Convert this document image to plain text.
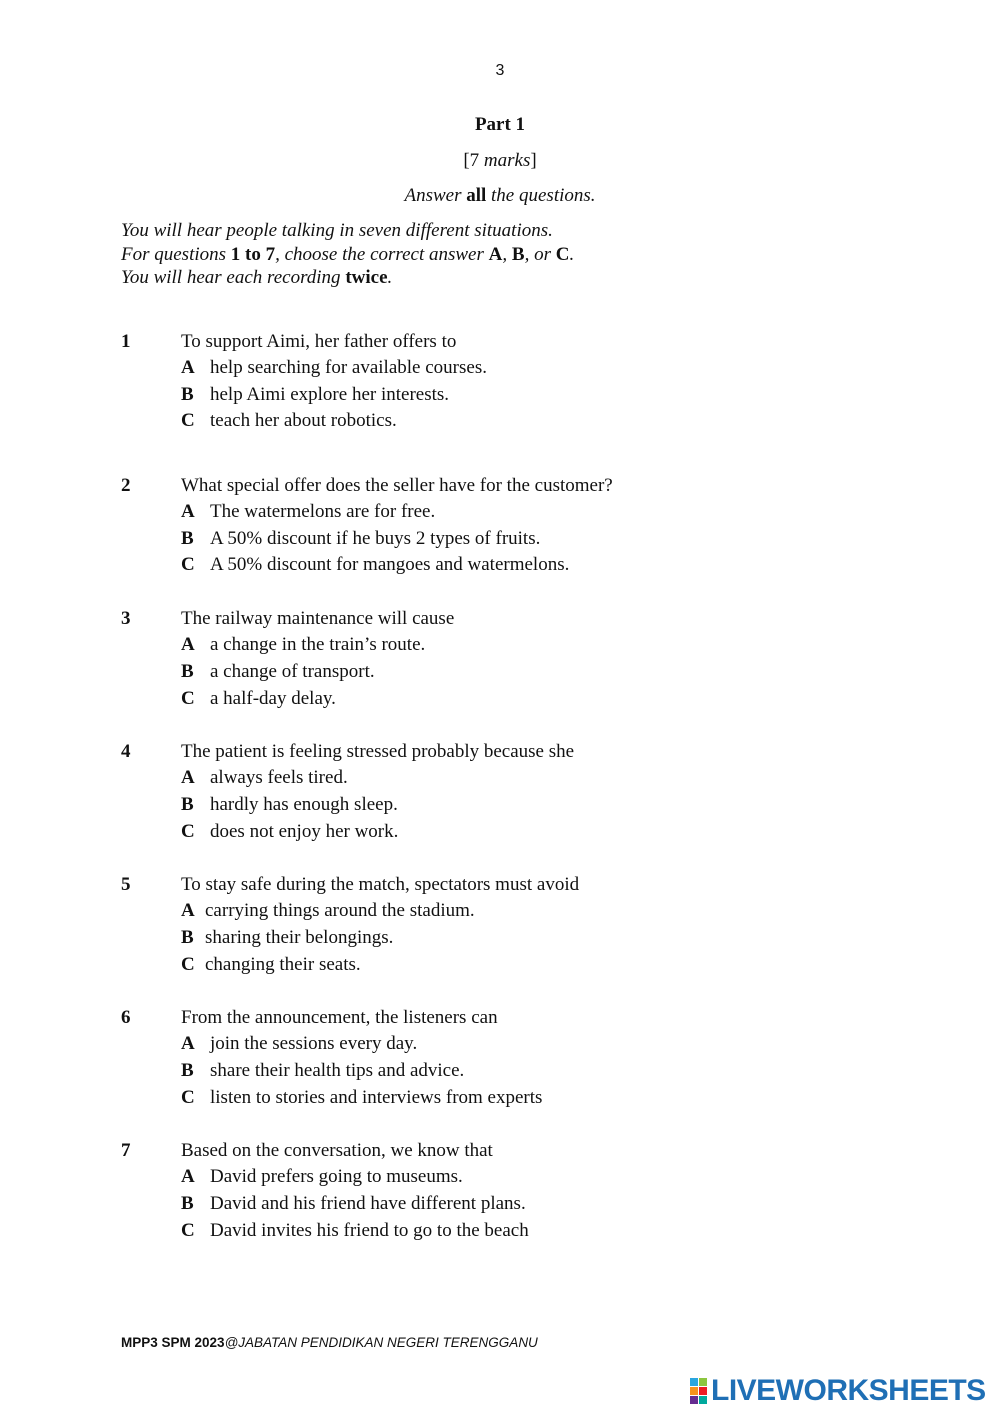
3
Part 1
[7 marks]
Answer all the questions.
You will hear people talking in seven different situations.
For questions 1 to 7, choose the correct answer A, B, or C.
You will hear each recording twice.
1	To support Aimi, her father offers to
A help searching for available courses.
B help Aimi explore her interests.
C teach her about robotics.
2	What special offer does the seller have for the customer?
A The watermelons are for free.
B A 50% discount if he buys 2 types of fruits.
C A 50% discount for mangoes and watermelons.
3	The railway maintenance will cause
A a change in the train’s route.
B a change of transport.
C a half-day delay.
4	The patient is feeling stressed probably because she
A always feels tired.
B hardly has enough sleep.
C does not enjoy her work.
5	To stay safe during the match, spectators must avoid
A carrying things around the stadium.
B sharing their belongings.
C changing their seats.
6	From the announcement, the listeners can
A join the sessions every day.
B share their health tips and advice.
C listen to stories and interviews from experts
7	Based on the conversation, we know that
A David prefers going to museums.
B David and his friend have different plans.
C David invites his friend to go to the beach
MPP3 SPM 2023@JABATAN PENDIDIKAN NEGERI TERENGGANU
LIVEWORKSHEETS
